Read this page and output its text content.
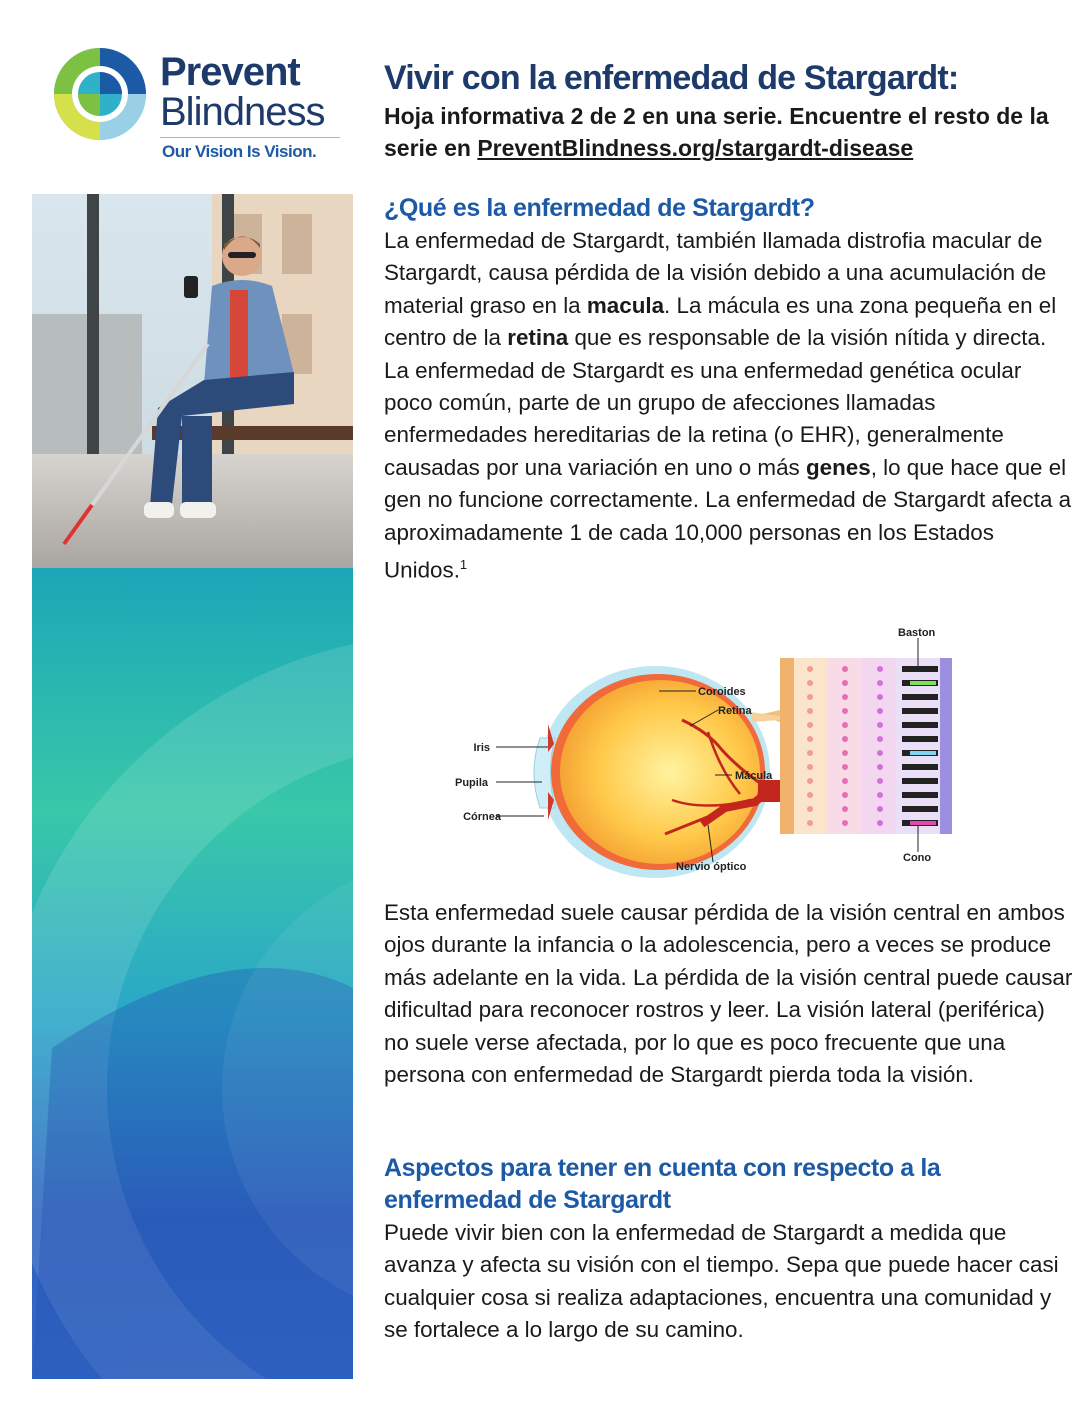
Prevent
Blindness
Our Vision Is Vision.
Vivir con la enfermedad de Stargardt:
Hoja informativa 2 de 2 en una serie. Encuentre el resto de la serie en PreventBlindness.org/stargardt-disease
¿Qué es la enfermedad de Stargardt?
La enfermedad de Stargardt, también llamada distrofia macular de Stargardt, causa pérdida de la visión debido a una acumulación de material graso en la macula. La mácula es una zona pequeña en el centro de la retina que es responsable de la visión nítida y directa. La enfermedad de Stargardt es una enfermedad genética ocular poco común, parte de un grupo de afecciones llamadas enfermedades hereditarias de la retina (o EHR), generalmente causadas por una variación en uno o más genes, lo que hace que el gen no funcione correctamente. La enfermedad de Stargardt afecta a aproximadamente 1 de cada 10,000 personas en los Estados Unidos.$^1$
Iris
Pupila
Córnea
Coroides
Retina
Mácula
Nervio óptico
Baston
Cono
Esta enfermedad suele causar pérdida de la visión central en ambos ojos durante la infancia o la adolescencia, pero a veces se produce más adelante en la vida. La pérdida de la visión central puede causar dificultad para reconocer rostros y leer. La visión lateral (periférica) no suele verse afectada, por lo que es poco frecuente que una persona con enfermedad de Stargardt pierda toda la visión.
Aspectos para tener en cuenta con respecto a la enfermedad de Stargardt
Puede vivir bien con la enfermedad de Stargardt a medida que avanza y afecta su visión con el tiempo. Sepa que puede hacer casi cualquier cosa si realiza adaptaciones, encuentra una comunidad y se fortalece a lo largo de su camino.
